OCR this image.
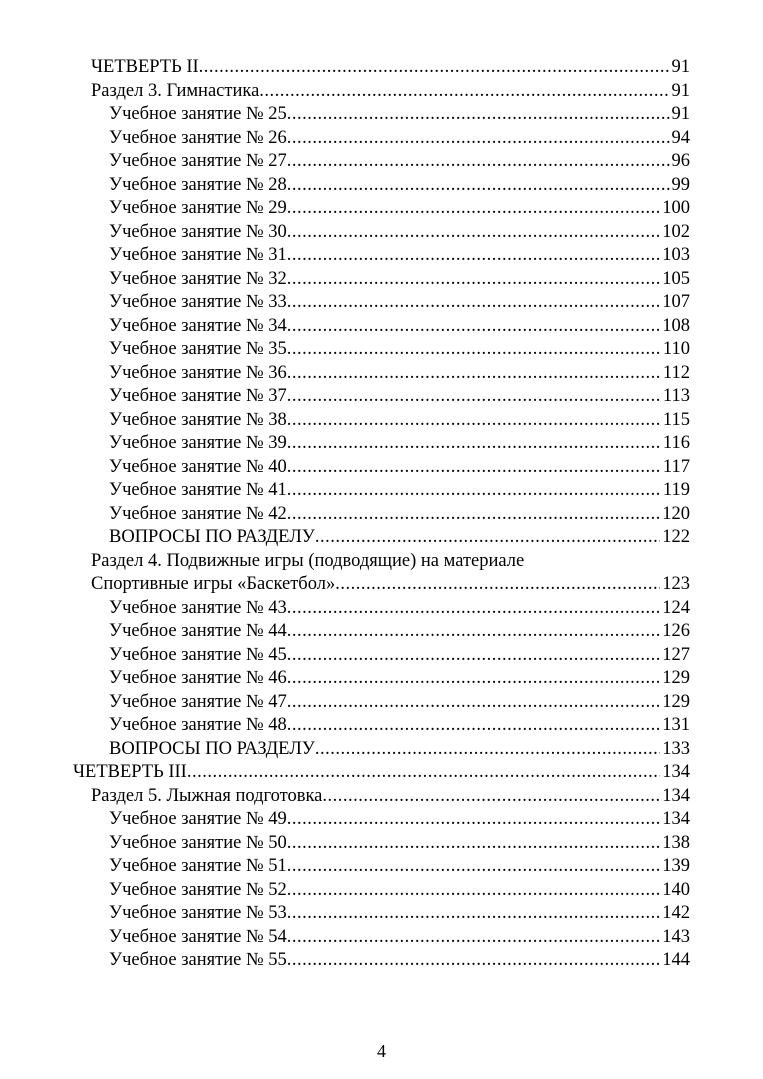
ЧЕТВЕРТЬ II .....	91
Раздел 3. Гимнастика .....	91
Учебное занятие № 25 .....	91
Учебное занятие № 26 .....	94
Учебное занятие № 27 .....	96
Учебное занятие № 28 .....	99
Учебное занятие № 29 .....	100
Учебное занятие № 30 .....	102
Учебное занятие № 31 .....	103
Учебное занятие № 32 .....	105
Учебное занятие № 33 .....	107
Учебное занятие № 34 .....	108
Учебное занятие № 35 .....	110
Учебное занятие № 36 .....	112
Учебное занятие № 37 .....	113
Учебное занятие № 38 .....	115
Учебное занятие № 39 .....	116
Учебное занятие № 40 .....	117
Учебное занятие № 41 .....	119
Учебное занятие № 42 .....	120
ВОПРОСЫ ПО РАЗДЕЛУ .....	122
Раздел 4. Подвижные игры (подводящие) на материале
Спортивные игры «Баскетбол» .....	123
Учебное занятие № 43 .....	124
Учебное занятие № 44 .....	126
Учебное занятие № 45 .....	127
Учебное занятие № 46 .....	129
Учебное занятие № 47 .....	129
Учебное занятие № 48 .....	131
ВОПРОСЫ ПО РАЗДЕЛУ .....	133
ЧЕТВЕРТЬ III .....	134
Раздел 5. Лыжная подготовка .....	134
Учебное занятие № 49 .....	134
Учебное занятие № 50 .....	138
Учебное занятие № 51 .....	139
Учебное занятие № 52 .....	140
Учебное занятие № 53 .....	142
Учебное занятие № 54 .....	143
Учебное занятие № 55 .....	144
4
